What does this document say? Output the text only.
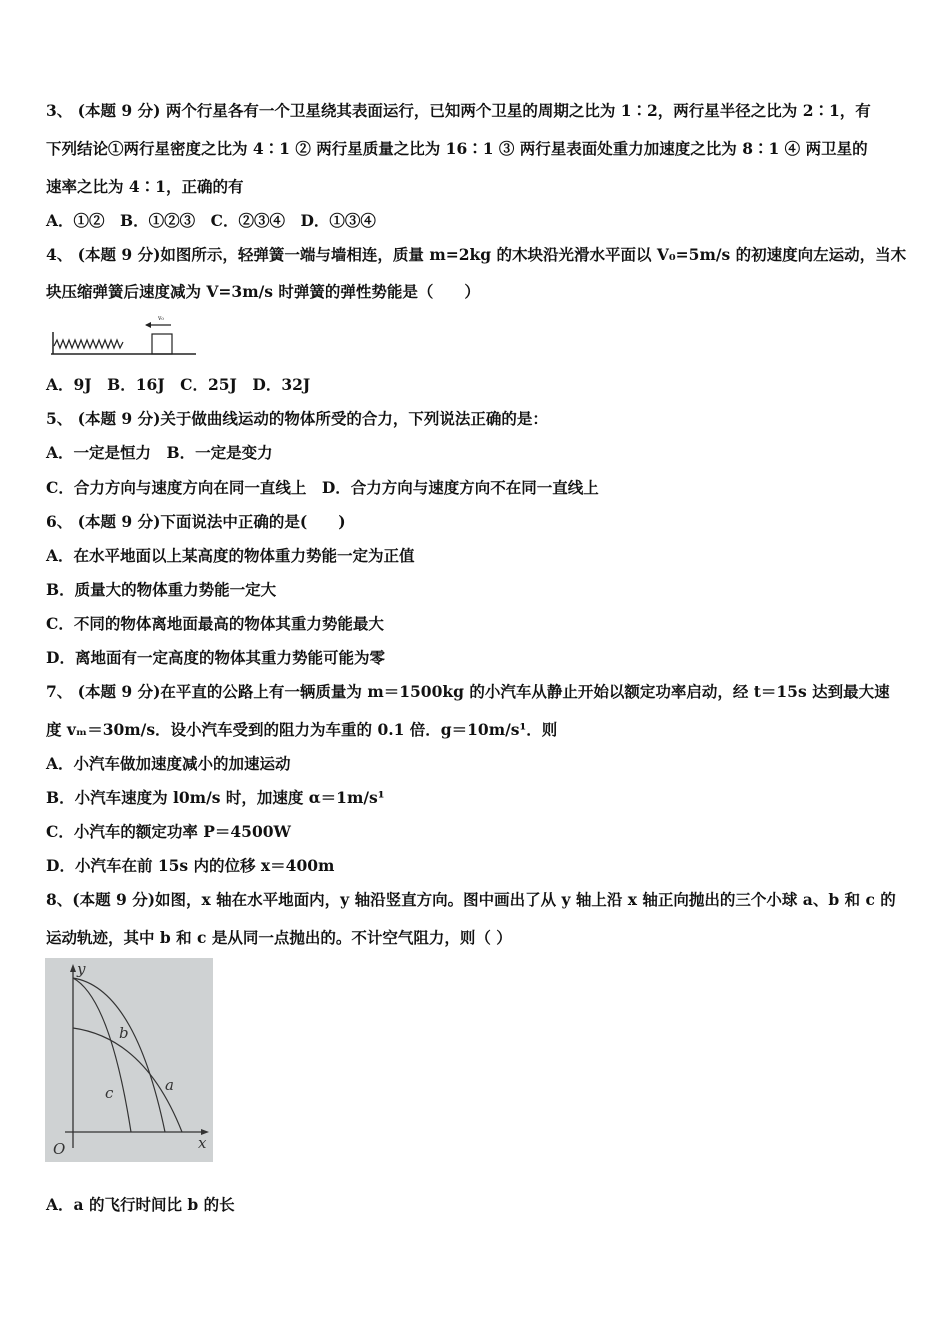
3、 (本题 9 分) 两个行星各有一个卫星绕其表面运行，已知两个卫星的周期之比为 1∶2，两行星半径之比为 2∶1，有
下列结论①两行星密度之比为 4∶1 ② 两行星质量之比为 16∶1 ③ 两行星表面处重力加速度之比为 8∶1 ④ 两卫星的
速率之比为 4∶1，正确的有
A．①②　B．①②③　C．②③④　D．①③④
4、 (本题 9 分)如图所示，轻弹簧一端与墙相连，质量 m=2kg 的木块沿光滑水平面以 V₀=5m/s 的初速度向左运动，当木
块压缩弹簧后速度减为 V=3m/s 时弹簧的弹性势能是（　　）
v₀
A．9J　B．16J　C．25J　D．32J
5、 (本题 9 分)关于做曲线运动的物体所受的合力，下列说法正确的是：
A．一定是恒力　B．一定是变力
C．合力方向与速度方向在同一直线上　D．合力方向与速度方向不在同一直线上
6、 (本题 9 分)下面说法中正确的是(　　)
A．在水平地面以上某高度的物体重力势能一定为正值
B．质量大的物体重力势能一定大
C．不同的物体离地面最高的物体其重力势能最大
D．离地面有一定高度的物体其重力势能可能为零
7、 (本题 9 分)在平直的公路上有一辆质量为 m＝1500kg 的小汽车从静止开始以额定功率启动，经 t＝15s 达到最大速
度 vₘ＝30m/s．设小汽车受到的阻力为车重的 0.1 倍．g＝10m/s¹．则
A．小汽车做加速度减小的加速运动
B．小汽车速度为 l0m/s 时，加速度 α＝1m/s¹
C．小汽车的额定功率 P＝4500W
D．小汽车在前 15s 内的位移 x＝400m
8、(本题 9 分)如图，x 轴在水平地面内，y 轴沿竖直方向。图中画出了从 y 轴上沿 x 轴正向抛出的三个小球 a、b 和 c 的
运动轨迹，其中 b 和 c 是从同一点抛出的。不计空气阻力，则（ ）
y
x
O
b
a
c
A．a 的飞行时间比 b 的长
